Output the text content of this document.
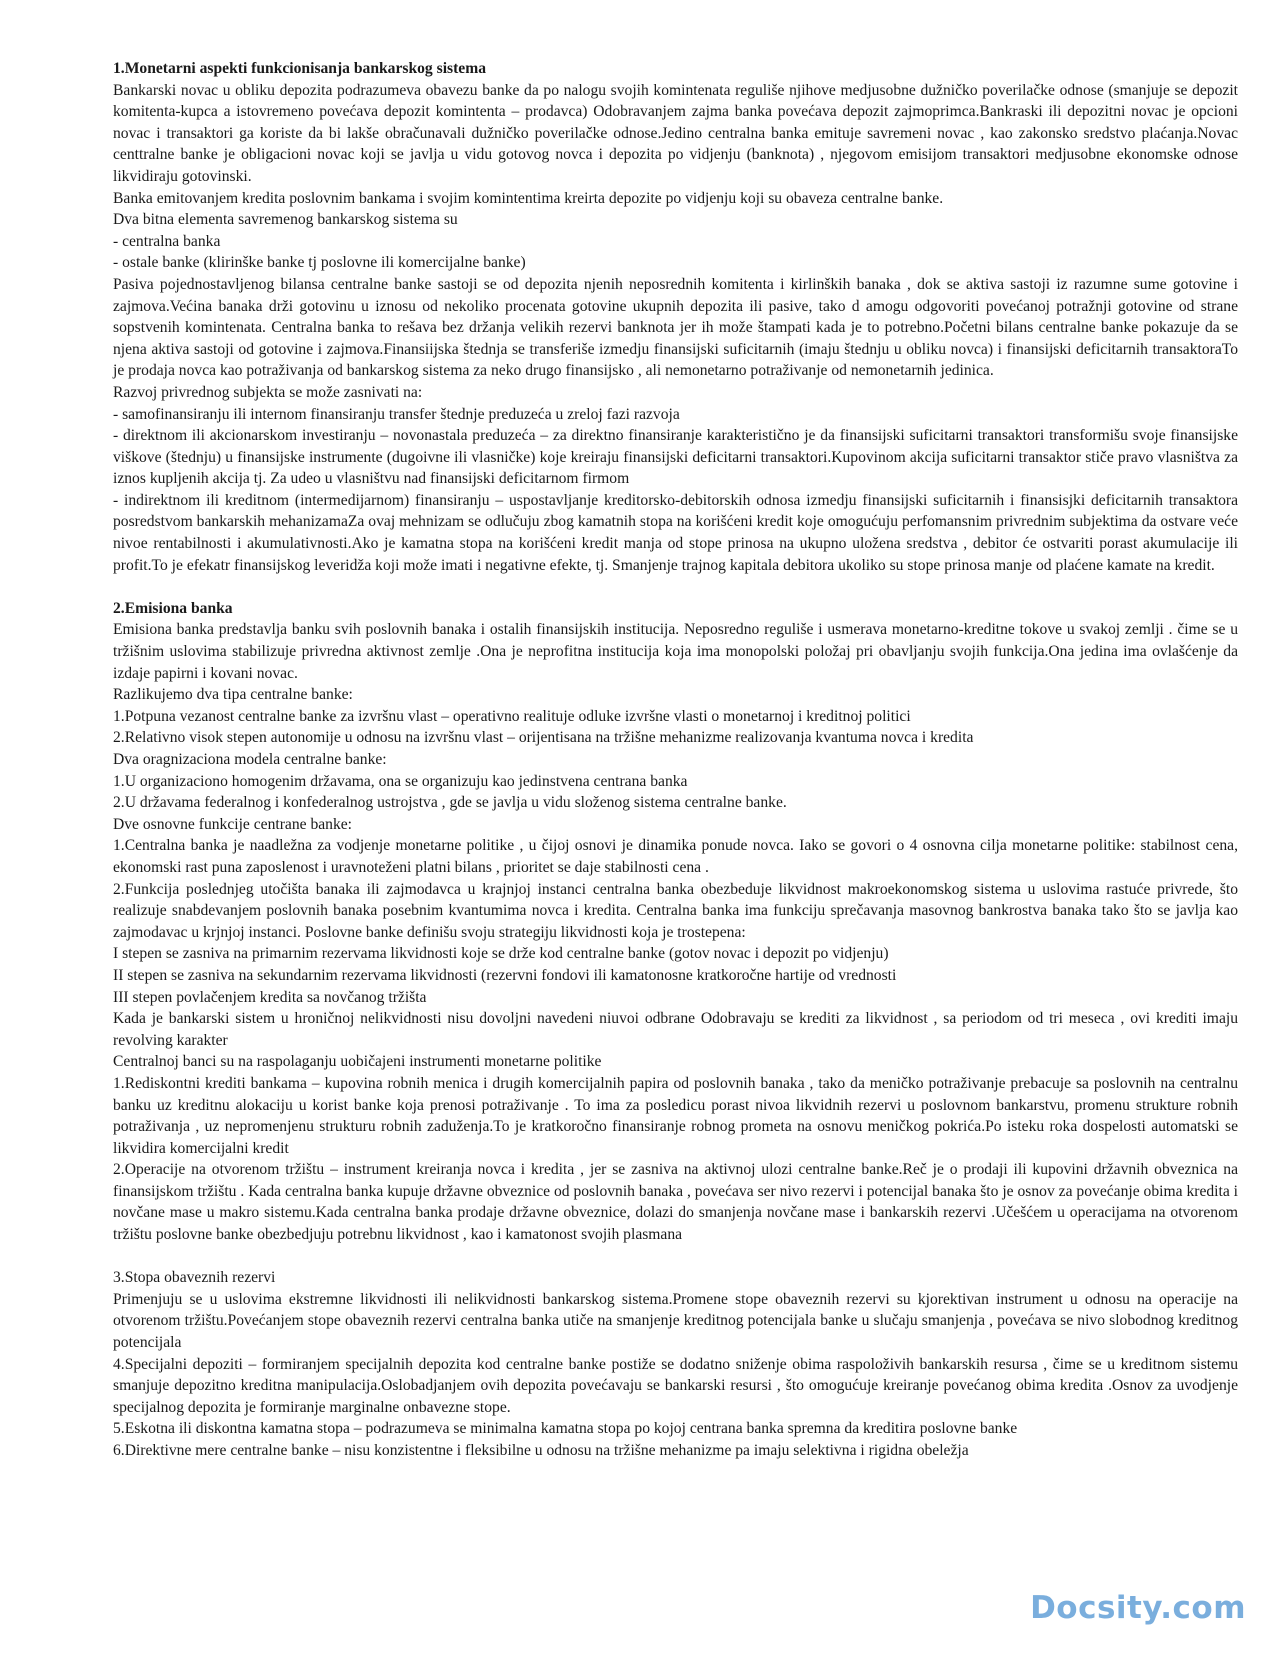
1.Monetarni aspekti funkcionisanja bankarskog sistema

Bankarski novac u obliku depozita podrazumeva obavezu banke da po nalogu svojih komintenata reguliše njihove medjusobne dužničko poverilačke odnose (smanjuje se depozit komitenta-kupca a istovremeno povećava depozit komintenta – prodavca) Odobravanjem zajma banka povećava depozit zajmoprimca.Bankraski ili depozitni novac je opcioni novac i transaktori ga koriste da bi lakše obračunavali dužničko poverilačke odnose.Jedino centralna banka emituje savremeni novac , kao zakonsko sredstvo plaćanja.Novac centtralne banke je obligacioni novac koji se javlja u vidu gotovog novca i depozita po vidjenju (banknota) , njegovom emisijom transaktori medjusobne ekonomske odnose likvidiraju gotovinski.

Banka emitovanjem kredita poslovnim bankama i svojim komintentima kreirta depozite po vidjenju koji su obaveza centralne banke.

Dva bitna elementa savremenog bankarskog sistema su

- centralna banka

- ostale banke (klirinške banke tj poslovne ili komercijalne banke)

Pasiva pojednostavljenog bilansa centralne banke sastoji se od depozita njenih neposrednih komitenta i kirlinških banaka , dok se aktiva sastoji iz razumne sume gotovine i zajmova.Većina banaka drži gotovinu u iznosu od nekoliko procenata gotovine ukupnih depozita ili pasive, tako d amogu odgovoriti povećanoj potražnji gotovine od strane sopstvenih komintenata. Centralna banka to rešava bez držanja velikih rezervi banknota jer ih može štampati kada je to potrebno.Početni bilans centralne banke pokazuje da se njena aktiva sastoji od gotovine i zajmova.Finansiijska štednja se transferiše izmedju finansijski suficitarnih (imaju štednju u obliku novca) i finansijski deficitarnih transaktoraTo je prodaja novca kao potraživanja od bankarskog sistema za neko drugo finansijsko , ali nemonetarno potraživanje od nemonetarnih jedinica.

Razvoj privrednog subjekta se može zasnivati na:

- samofinansiranju ili internom finansiranju transfer štednje preduzeća u zreloj fazi razvoja

- direktnom ili akcionarskom investiranju – novonastala preduzeća – za direktno finansiranje karakteristično je da finansijski suficitarni transaktori transformišu svoje finansijske viškove (štednju) u finansijske instrumente (dugoivne ili vlasničke) koje kreiraju finansijski deficitarni transaktori.Kupovinom akcija suficitarni transaktor stiče pravo vlasništva za iznos kupljenih akcija tj. Za udeo u vlasništvu nad finansijski deficitarnom firmom

- indirektnom ili kreditnom (intermedijarnom) finansiranju – uspostavljanje kreditorsko-debitorskih odnosa izmedju finansijski suficitarnih i finansisjki deficitarnih transaktora posredstvom bankarskih mehanizamaZa ovaj mehnizam se odlučuju zbog kamatnih stopa na korišćeni kredit koje omogućuju perfomansnim privrednim subjektima da ostvare veće nivoe rentabilnosti i akumulativnosti.Ako je kamatna stopa na korišćeni kredit manja od stope prinosa na ukupno uložena sredstva , debitor će ostvariti porast akumulacije ili profit.To je efekatr finansijskog leveridža koji može imati i negativne efekte, tj. Smanjenje trajnog kapitala debitora ukoliko su stope prinosa manje od plaćene kamate na kredit.

2.Emisiona banka

Emisiona banka predstavlja banku svih poslovnih banaka i ostalih finansijskih institucija. Neposredno reguliše i usmerava monetarno-kreditne tokove u svakoj zemlji . čime se u tržišnim uslovima stabilizuje privredna aktivnost zemlje .Ona je neprofitna institucija koja ima monopolski položaj pri obavljanju svojih funkcija.Ona jedina ima ovlašćenje da izdaje papirni i kovani novac.

Razlikujemo dva tipa centralne banke:

1.Potpuna vezanost centralne banke za izvršnu vlast – operativno realituje odluke izvršne vlasti o monetarnoj i kreditnoj politici

2.Relativno visok stepen autonomije u odnosu na izvršnu vlast – orijentisana na tržišne mehanizme realizovanja kvantuma novca i kredita

Dva oragnizaciona modela centralne banke:

1.U organizaciono homogenim državama, ona se organizuju kao jedinstvena centrana banka

2.U državama federalnog i konfederalnog ustrojstva , gde se javlja u vidu složenog sistema centralne banke.

Dve osnovne funkcije centrane banke:

1.Centralna banka je naadležna za vodjenje monetarne politike , u čijoj osnovi je dinamika ponude novca. Iako se govori o 4 osnovna cilja monetarne politike: stabilnost cena, ekonomski rast puna zaposlenost i uravnoteženi platni bilans , prioritet se daje stabilnosti cena .

2.Funkcija poslednjeg utočišta banaka ili zajmodavca u krajnjoj instanci centralna banka obezbeduje likvidnost makroekonomskog sistema u uslovima rastuće privrede, što realizuje snabdevanjem poslovnih banaka posebnim kvantumima novca i kredita. Centralna banka ima funkciju sprečavanja masovnog bankrostva banaka tako što se javlja kao zajmodavac u krjnjoj instanci. Poslovne banke definišu svoju strategiju likvidnosti koja je trostepena:

I stepen se zasniva na primarnim rezervama likvidnosti koje se drže kod centralne banke (gotov novac i depozit po vidjenju)

II stepen se zasniva na sekundarnim rezervama likvidnosti (rezervni fondovi ili kamatonosne kratkoročne hartije od vrednosti

III stepen povlačenjem kredita sa novčanog tržišta

Kada je bankarski sistem u hroničnoj nelikvidnosti nisu dovoljni navedeni niuvoi odbrane Odobravaju se krediti za likvidnost , sa periodom od tri meseca , ovi krediti imaju revolving karakter

Centralnoj banci su na raspolaganju uobičajeni instrumenti monetarne politike

1.Rediskontni krediti bankama – kupovina robnih menica i drugih komercijalnih papira od poslovnih banaka , tako da meničko potraživanje prebacuje sa poslovnih na centralnu banku uz kreditnu alokaciju u korist banke koja prenosi potraživanje . To ima za posledicu porast nivoa likvidnih rezervi u poslovnom bankarstvu, promenu strukture robnih potraživanja , uz nepromenjenu strukturu robnih zaduženja.To je kratkoročno finansiranje robnog prometa na osnovu meničkog pokrića.Po isteku roka dospelosti automatski se likvidira komercijalni kredit

2.Operacije na otvorenom tržištu – instrument kreiranja novca i kredita , jer se zasniva na aktivnoj ulozi centralne banke.Reč je o prodaji ili kupovini državnih obveznica na finansijskom tržištu . Kada centralna banka kupuje državne obveznice od poslovnih banaka , povećava ser nivo rezervi i potencijal banaka što je osnov za povećanje obima kredita i novčane mase u makro sistemu.Kada centralna banka prodaje državne obveznice, dolazi do smanjenja novčane mase i bankarskih rezervi .Učešćem u operacijama na otvorenom tržištu poslovne banke obezbedjuju potrebnu likvidnost , kao i kamatonost svojih plasmana

3.Stopa obaveznih rezervi

Primenjuju se u uslovima ekstremne likvidnosti ili nelikvidnosti bankarskog sistema.Promene stope obaveznih rezervi su kjorektivan instrument u odnosu na operacije na otvorenom tržištu.Povećanjem stope obaveznih rezervi centralna banka utiče na smanjenje kreditnog potencijala banke u slučaju smanjenja , povećava se nivo slobodnog kreditnog potencijala

4.Specijalni depoziti – formiranjem specijalnih depozita kod centralne banke postiže se dodatno sniženje obima raspoloživih bankarskih resursa , čime se u kreditnom sistemu smanjuje depozitno kreditna manipulacija.Oslobadjanjem ovih depozita povećavaju se bankarski resursi , što omogućuje kreiranje povećanog obima kredita .Osnov za uvodjenje specijalnog depozita je formiranje marginalne onbavezne stope.

5.Eskotna ili diskontna kamatna stopa – podrazumeva se minimalna kamatna stopa po kojoj centrana banka spremna da kreditira poslovne banke

6.Direktivne mere centralne banke – nisu konzistentne i fleksibilne u odnosu na tržišne mehanizme pa imaju selektivna i rigidna obeležja

Docsity.com
